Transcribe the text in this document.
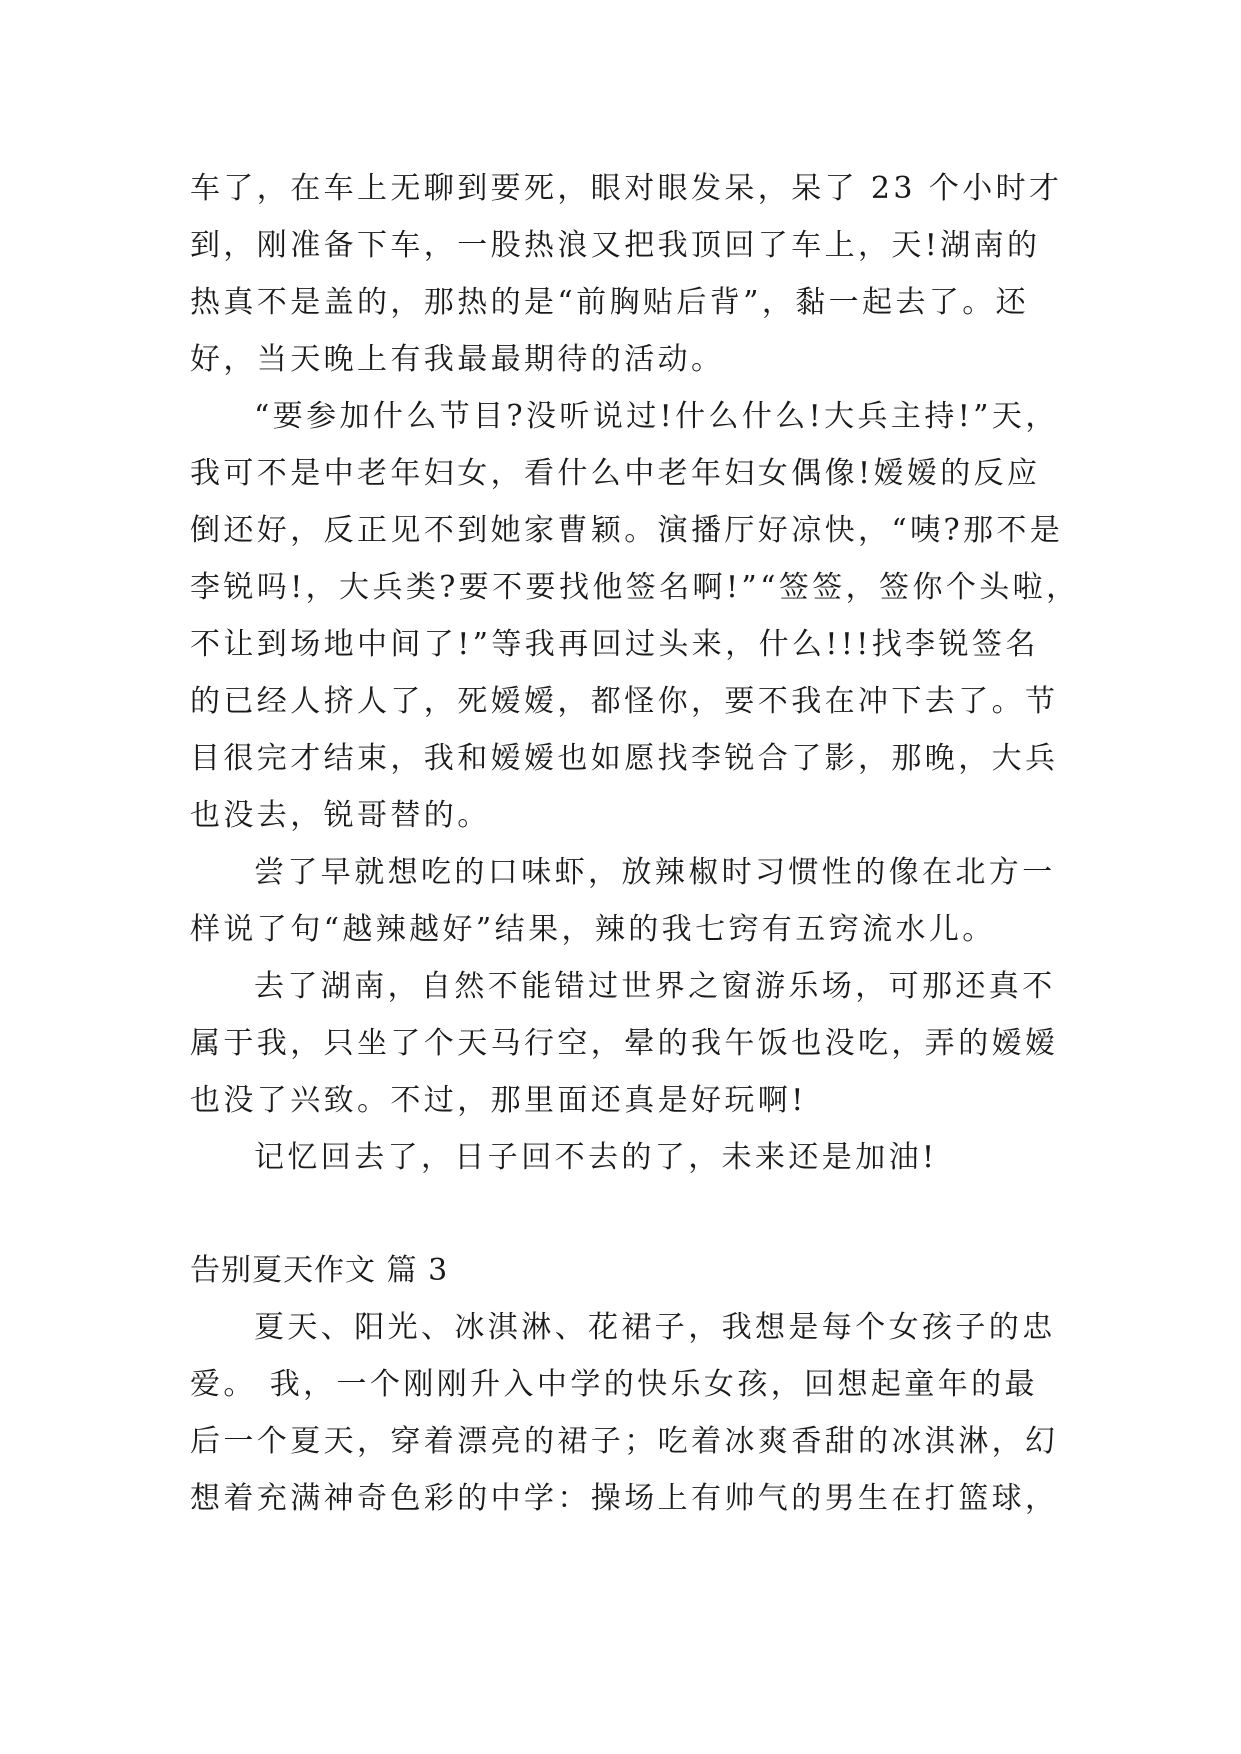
车了，在车上无聊到要死，眼对眼发呆，呆了 23 个小时才
到，刚准备下车，一股热浪又把我顶回了车上，天!湖南的
热真不是盖的，那热的是“前胸贴后背”，黏一起去了。还
好，当天晚上有我最最期待的活动。
“要参加什么节目?没听说过!什么什么!大兵主持!”天，
我可不是中老年妇女，看什么中老年妇女偶像!嫒嫒的反应
倒还好，反正见不到她家曹颖。演播厅好凉快，“咦?那不是
李锐吗!，大兵类?要不要找他签名啊!”“签签，签你个头啦，
不让到场地中间了!”等我再回过头来，什么!!!找李锐签名
的已经人挤人了，死嫒嫒，都怪你，要不我在冲下去了。节
目很完才结束，我和嫒嫒也如愿找李锐合了影，那晚，大兵
也没去，锐哥替的。
尝了早就想吃的口味虾，放辣椒时习惯性的像在北方一
样说了句“越辣越好”结果，辣的我七窍有五窍流水儿。
去了湖南，自然不能错过世界之窗游乐场，可那还真不
属于我，只坐了个天马行空，晕的我午饭也没吃，弄的嫒嫒
也没了兴致。不过，那里面还真是好玩啊!
记忆回去了，日子回不去的了，未来还是加油!
告别夏天作文 篇 3
夏天、阳光、冰淇淋、花裙子，我想是每个女孩子的忠
爱。 我，一个刚刚升入中学的快乐女孩，回想起童年的最
后一个夏天，穿着漂亮的裙子；吃着冰爽香甜的冰淇淋，幻
想着充满神奇色彩的中学：操场上有帅气的男生在打篮球，
